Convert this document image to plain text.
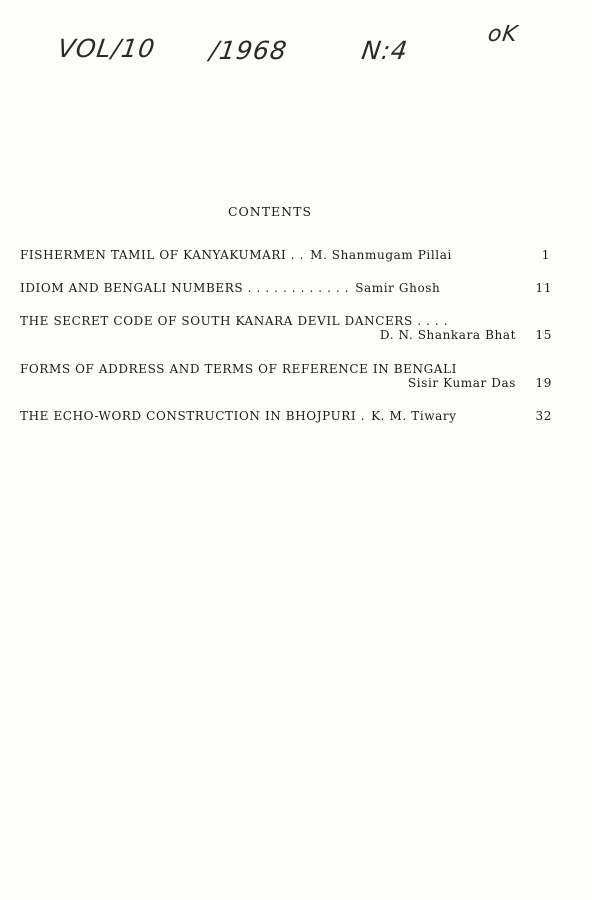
VOL
/10 /1968	N:4
oK
CONTENTS
FISHERMEN TAMIL OF KANYAKUMARI . . M. Shanmugam Pillai	1
IDIOM AND BENGALI NUMBERS . . . . . . . . . . . . Samir Ghosh	11
THE SECRET CODE OF SOUTH KANARA DEVIL DANCERS . . . .
D. N. Shankara Bhat	15
FORMS OF ADDRESS AND TERMS OF REFERENCE IN BENGALI
Sisir Kumar Das	19
THE ECHO-WORD CONSTRUCTION IN BHOJPURI . K. M. Tiwary	32
